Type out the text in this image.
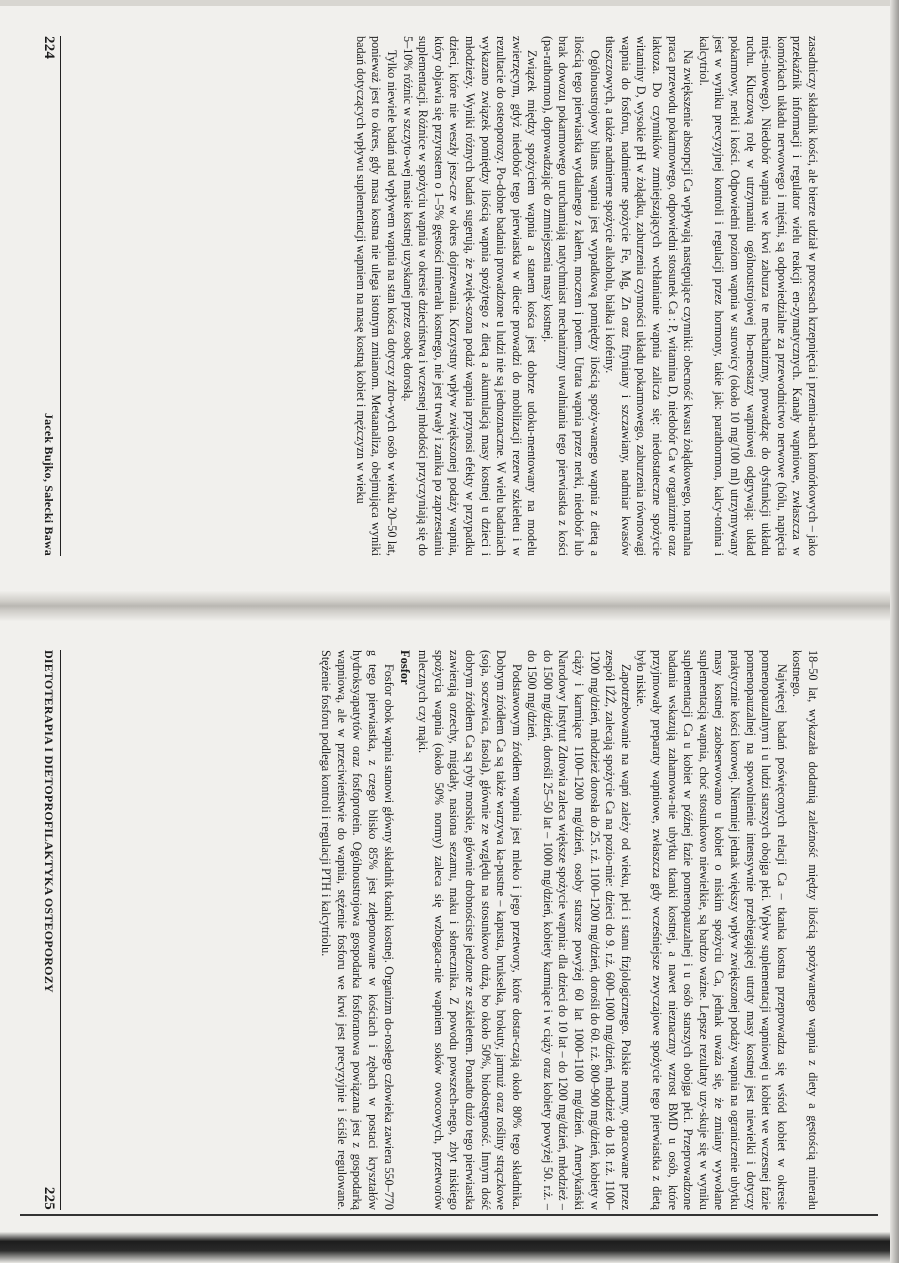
zasadniczy składnik kości, ale bierze udział w procesach krzepnięcia i przemia-nach komórkowych – jako przekaźnik informacji i regulator wielu reakcji en-zymatycznych. Kanały wapniowe, zwłaszcza w komórkach układu nerwowego i mięśni, są odpowiedzialne za przewodnictwo nerwowe (bólu, napięcia mięś-niowego). Niedobór wapnia we krwi zaburza te mechanizmy, prowadząc do dysfunkcji układu ruchu. Kluczową rolę w utrzymaniu ogólnoustrojowej ho-meostazy wapniowej odgrywają: układ pokarmowy, nerki i kości. Odpowiedni poziom wapnia w surowicy (około 10 mg/100 ml) utrzymywany jest w wyniku precyzyjnej kontroli i regulacji przez hormony, takie jak: parathormon, kalcy-tonina i kalcytriol.

Na zwiększenie absorpcji Ca wpływają następujące czynniki: obecność kwasu żołądkowego, normalna praca przewodu pokarmowego, odpowiedni stosunek Ca : P, witamina D, niedobór Ca w organizmie oraz laktoza. Do czynników zmniejszających wchłanianie wapnia zalicza się: niedostateczne spożycie witaminy D, wysokie pH w żołądku, zaburzenia czynności układu pokarmowego, zaburzenia równowagi wapnia do fosforu, nadmierne spożycie Fe, Mg, Zn oraz fityniany i szczawiany, nadmiar kwasów tłuszczowych, a także nadmierne spożycie alkoholu, białka i kofeiny.

Ogólnoustrojowy bilans wapnia jest wypadkową pomiędzy ilością spoży-wanego wapnia z dietą a ilością tego pierwiastka wydalanego z kałem, moczem i potem. Utrata wapnia przez nerki, niedobór lub brak dowozu pokarmowego uruchamiają natychmiast mechanizmy uwalniania tego pierwiastka z kości (pa-rathormon), doprowadzając do zmniejszenia masy kostnej.

Związek między spożyciem wapnia a stanem kośca jest dobrze udoku-mentowany na modelu zwierzęcym, gdyż niedobór tego pierwiastka w diecie prowadzi do mobilizacji rezerw szkieletu i w rezultacie do osteoporozy. Po-dobne badania prowadzone u ludzi nie są jednoznaczne. W wielu badaniach wykazano związek pomiędzy ilością wapnia spożytego z dietą a akumulacją masy kostnej u dzieci i młodzieży. Wyniki różnych badań sugerują, że zwięk-szona podaż wapnia przynosi efekty w przypadku dzieci, które nie weszły jesz-cze w okres dojrzewania. Korzystny wpływ zwiększonej podaży wapnia, który objawia się przyrostem o 1–5% gęstości minerału kostnego, nie jest trwały i zanika po zaprzestaniu suplementacji. Różnice w spożyciu wapnia w okresie dzieciństwa i wczesnej młodości przyczyniają się do 5–10% różnic w szczyto-wej masie kostnej uzyskanej przez osobę dorosłą.

Tylko niewiele badań nad wpływem wapnia na stan kośca dotyczy zdro-wych osób w wieku 20–50 lat, ponieważ jest to okres, gdy masa kostna nie ulega istotnym zmianom. Metaanaliza, obejmująca wyniki badań dotyczących wpływu suplementacji wapniem na masę kostną kobiet i mężczyzn w wieku

224
Jacek Bujko, Sałecki Bawa

18–50 lat, wykazała dodatnią zależność między ilością spożywanego wapnia z diety a gęstością minerału kostnego.

Najwięcej badań poświęconych relacji Ca – tkanka kostna przeprowadza się wśród kobiet w okresie pomenopauzalnym i u ludzi starszych obojga płci. Wpływ suplementacji wapniowej u kobiet we wczesnej fazie pomenopauzalnej na spowolnienie intensywnie przebiegającej utraty masy kostnej jest niewielki i dotyczy praktycznie kości korowej. Niemniej jednak większy wpływ zwiększonej podaży wapnia na ograniczenie ubytku masy kostnej zaobserwowano u kobiet o niskim spożyciu Ca, jednak uważa się, że zmiany wywołane suplementacją wapnia, choć stosunkowo niewielkie, są bardzo ważne. Lepsze rezultaty uzy-skuje się w wyniku suplementacji Ca u kobiet w późnej fazie pomenopauzalnej i u osób starszych obojga płci. Przeprowadzone badania wskazują zahamowa-nie ubytku tkanki kostnej, a nawet nieznaczny wzrost BMD u osób, które przyjmowały preparaty wapniowe, zwłaszcza gdy wcześniejsze zwyczajowe spożycie tego pierwiastka z dietą było niskie.

Zapotrzebowanie na wapń zależy od wieku, płci i stanu fizjologicznego. Polskie normy, opracowane przez zespół IŻŻ, zalecają spożycie Ca na pozio-mie: dzieci do 9. r.ż. 600–1000 mg/dzień, młodzież do 18. r.ż. 1100–1200 mg/dzień, młodzież dorosła do 25. r.ż. 1100–1200 mg/dzień, dorośli do 60. r.ż. 800–900 mg/dzień, kobiety w ciąży i karmiące 1100–1200 mg/dzień, osoby starsze powyżej 60 lat 1000–1100 mg/dzień. Amerykański Narodowy Instytut Zdrowia zaleca większe spożycie wapnia: dla dzieci do 10 lat – do 1200 mg/dzień, młodzież – do 1500 mg/dzień, dorośli 25–50 lat – 1000 mg/dzień, kobiety karmiące i w ciąży oraz kobiety powyżej 50. r.ż. – do 1500 mg/dzień.

Podstawowym źródłem wapnia jest mleko i jego przetwory, które dostar-czają około 80% tego składnika. Dobrym źródłem Ca są także warzywa ka-pustne – kapusta, brukselka, brokuty, jarmuż oraz rośliny strączkowe (soja, soczewica, fasola), głównie ze względu na stosunkowo dużą, bo około 50%, biodostępność. Innym dość dobrym źródłem Ca są ryby morskie, głównie drobnościste jedzone ze szkieletem. Ponadto dużo tego pierwiastka zawierają orzechy, migdały, nasiona sezamu, maku i słonecznika. Z powodu powszech-nego, zbyt niskiego spożycia wapnia (około 50% normy) zaleca się wzbogaca-nie wapniem soków owocowych, przetworów mlecznych czy mąki.

Fosfor

Fosfor obok wapnia stanowi główny składnik tkanki kostnej. Organizm do-rosłego człowieka zawiera 550–770 g tego pierwiastka, z czego blisko 85% jest zdeponowane w kościach i zębach w postaci kryształów hydroksyapatytów oraz fosfoprotein. Ogólnoustrojowa gospodarka fosforanowa powiązana jest z gospodarką wapniową, ale w przeciwieństwie do wapnia, stężenie fosforu we krwi jest precyzyjnie i ściśle regulowane. Stężenie fosforu podlega kontroli i regulacji PTH i kalcytriolu.

DIETOTERAPIA I DIETOPROFILAKTYKA OSTEOPOROZY
225
